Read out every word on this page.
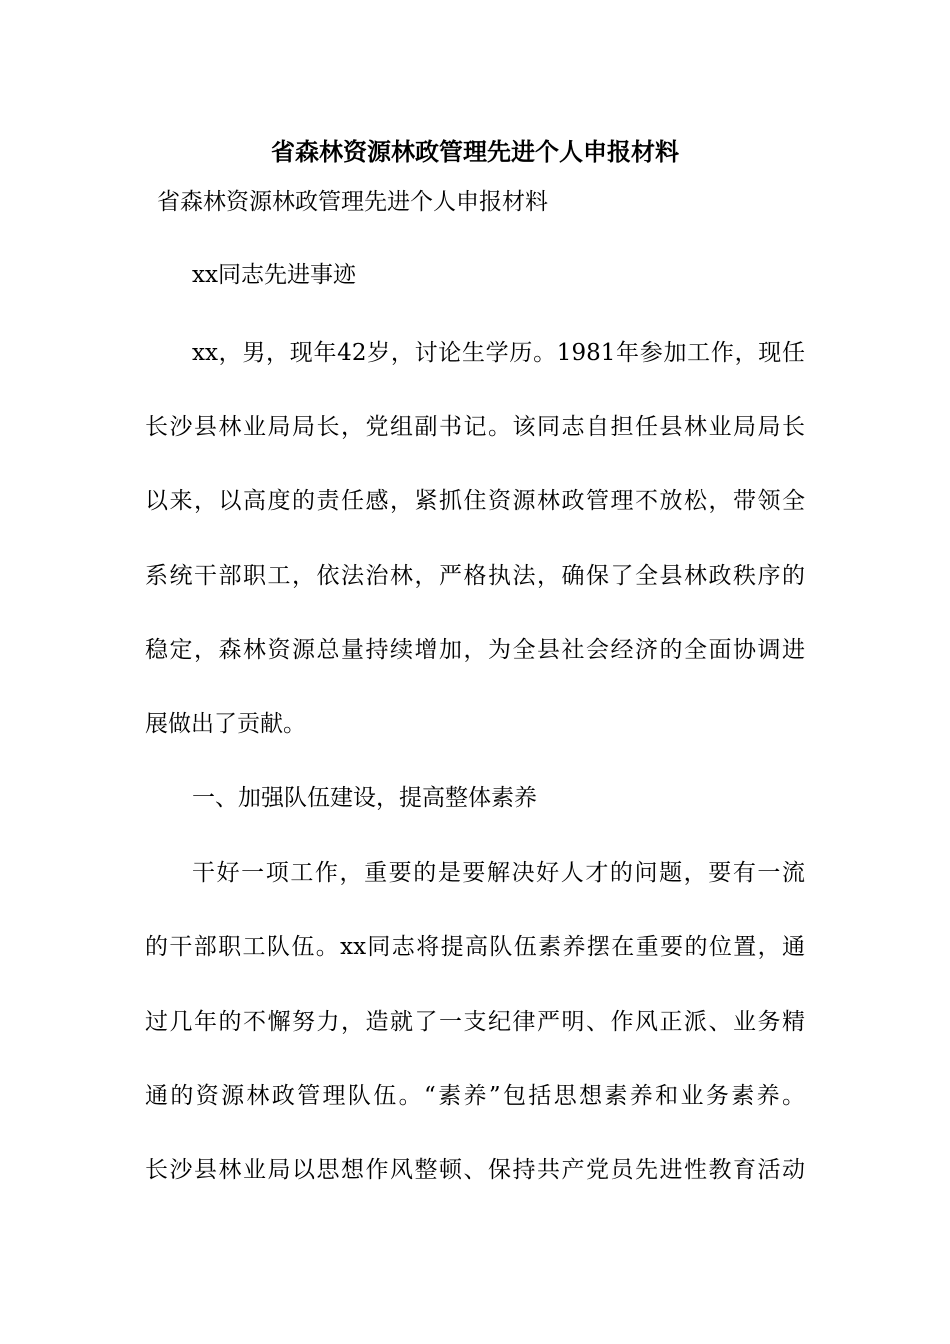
省森林资源林政管理先进个人申报材料

省森林资源林政管理先进个人申报材料

xx同志先进事迹

xx，男，现年42岁，讨论生学历。1981年参加工作，现任

长沙县林业局局长，党组副书记。该同志自担任县林业局局长

以来，以高度的责任感，紧抓住资源林政管理不放松，带领全

系统干部职工，依法治林，严格执法，确保了全县林政秩序的

稳定，森林资源总量持续增加，为全县社会经济的全面协调进

展做出了贡献。

一、加强队伍建设，提高整体素养

干好一项工作，重要的是要解决好人才的问题，要有一流

的干部职工队伍。xx同志将提高队伍素养摆在重要的位置，通

过几年的不懈努力，造就了一支纪律严明、作风正派、业务精

通的资源林政管理队伍。“素养”包括思想素养和业务素养。

长沙县林业局以思想作风整顿、保持共产党员先进性教育活动
